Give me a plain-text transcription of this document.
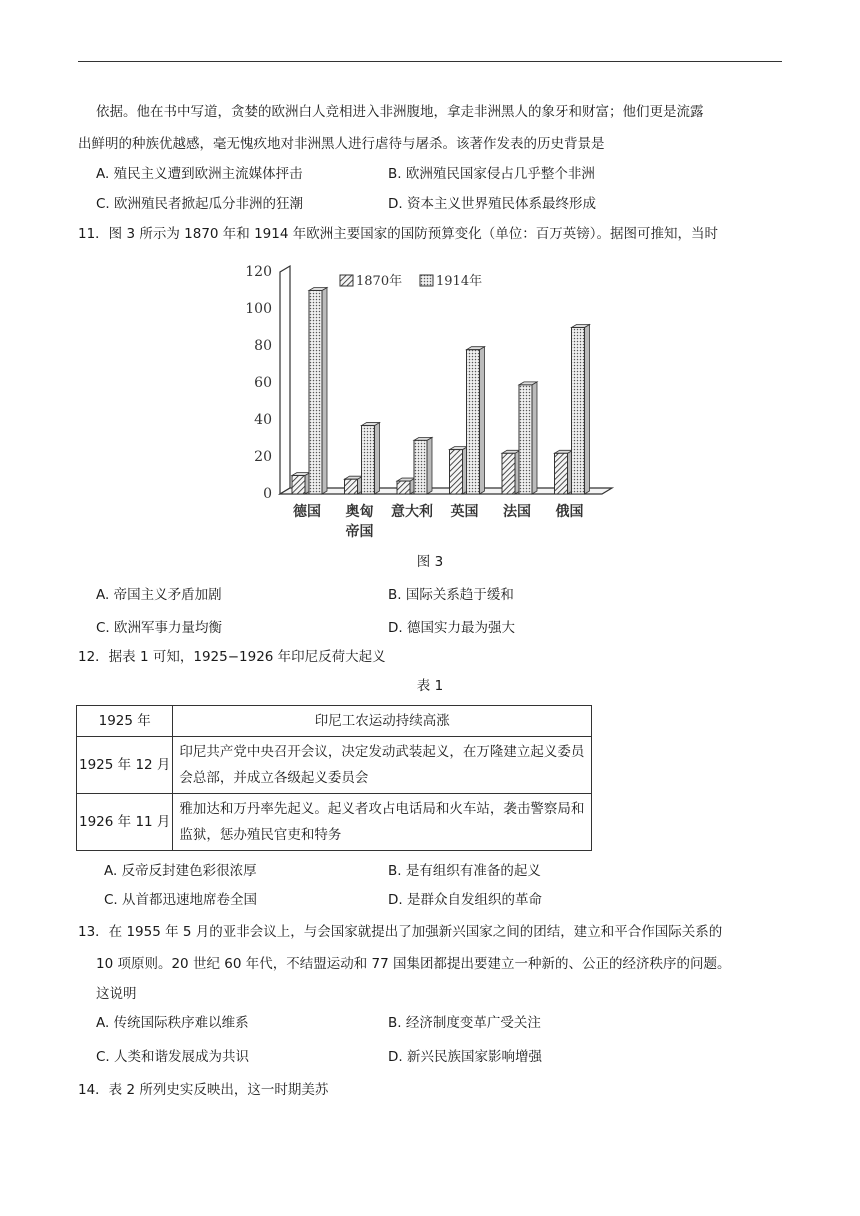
依据。他在书中写道，贪婪的欧洲白人竞相进入非洲腹地，拿走非洲黑人的象牙和财富；他们更是流露
出鲜明的种族优越感，毫无愧疚地对非洲黑人进行虐待与屠杀。该著作发表的历史背景是
A. 殖民主义遭到欧洲主流媒体抨击	B. 欧洲殖民国家侵占几乎整个非洲
C. 欧洲殖民者掀起瓜分非洲的狂潮	D. 资本主义世界殖民体系最终形成
11．图 3 所示为 1870 年和 1914 年欧洲主要国家的国防预算变化（单位：百万英镑）。据图可推知，当时
0
20
40
60
80
100
120
德国 奥匈
帝国
意大利 英国 法国 俄国
1870年	1914年
图 3
A. 帝国主义矛盾加剧	B. 国际关系趋于缓和
C. 欧洲军事力量均衡	D. 德国实力最为强大
12．据表 1 可知，1925−1926 年印尼反荷大起义
表 1
1925 年	印尼工农运动持续高涨
1925 年 12 月	印尼共产党中央召开会议，决定发动武装起义，在万隆建立起义委员会总部，并成立各级起义委员会
1926 年 11 月	雅加达和万丹率先起义。起义者攻占电话局和火车站，袭击警察局和监狱，惩办殖民官吏和特务
A. 反帝反封建色彩很浓厚	B. 是有组织有准备的起义
C. 从首都迅速地席卷全国	D. 是群众自发组织的革命
13．在 1955 年 5 月的亚非会议上，与会国家就提出了加强新兴国家之间的团结，建立和平合作国际关系的
10 项原则。20 世纪 60 年代，不结盟运动和 77 国集团都提出要建立一种新的、公正的经济秩序的问题。
这说明
A. 传统国际秩序难以维系	B. 经济制度变革广受关注
C. 人类和谐发展成为共识	D. 新兴民族国家影响增强
14．表 2 所列史实反映出，这一时期美苏
